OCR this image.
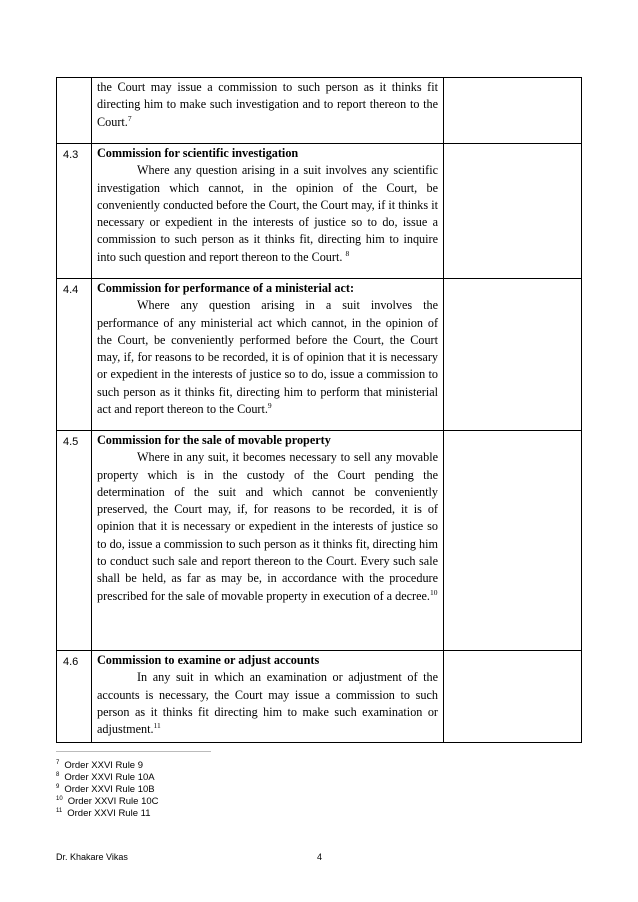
	the Court may issue a commission to such person as it thinks fit directing him to make such investigation and to report thereon to the Court.$^7$

4.3	Commission for scientific investigation
Where any question arising in a suit involves any scientific investigation which cannot, in the opinion of the Court, be conveniently conducted before the Court, the Court may, if it thinks it necessary or expedient in the interests of justice so to do, issue a commission to such person as it thinks fit, directing him to inquire into such question and report thereon to the Court. $^8$

4.4	Commission for performance of a ministerial act:
Where any question arising in a suit involves the performance of any ministerial act which cannot, in the opinion of the Court, be conveniently performed before the Court, the Court may, if, for reasons to be recorded, it is of opinion that it is necessary or expedient in the interests of justice so to do, issue a commission to such person as it thinks fit, directing him to perform that ministerial act and report thereon to the Court.$^9$

4.5	Commission for the sale of movable property
Where in any suit, it becomes necessary to sell any movable property which is in the custody of the Court pending the determination of the suit and which cannot be conveniently preserved, the Court may, if, for reasons to be recorded, it is of opinion that it is necessary or expedient in the interests of justice so to do, issue a commission to such person as it thinks fit, directing him to conduct such sale and report thereon to the Court. Every such sale shall be held, as far as may be, in accordance with the procedure prescribed for the sale of movable property in execution of a decree.$^{10}$

4.6	Commission to examine or adjust accounts
In any suit in which an examination or adjustment of the accounts is necessary, the Court may issue a commission to such person as it thinks fit directing him to make such examination or adjustment.$^{11}$

$^7$ Order XXVI Rule 9
$^8$ Order XXVI Rule 10A
$^9$ Order XXVI Rule 10B
$^{10}$ Order XXVI Rule 10C
$^{11}$ Order XXVI Rule 11
Dr. Khakare Vikas	4
